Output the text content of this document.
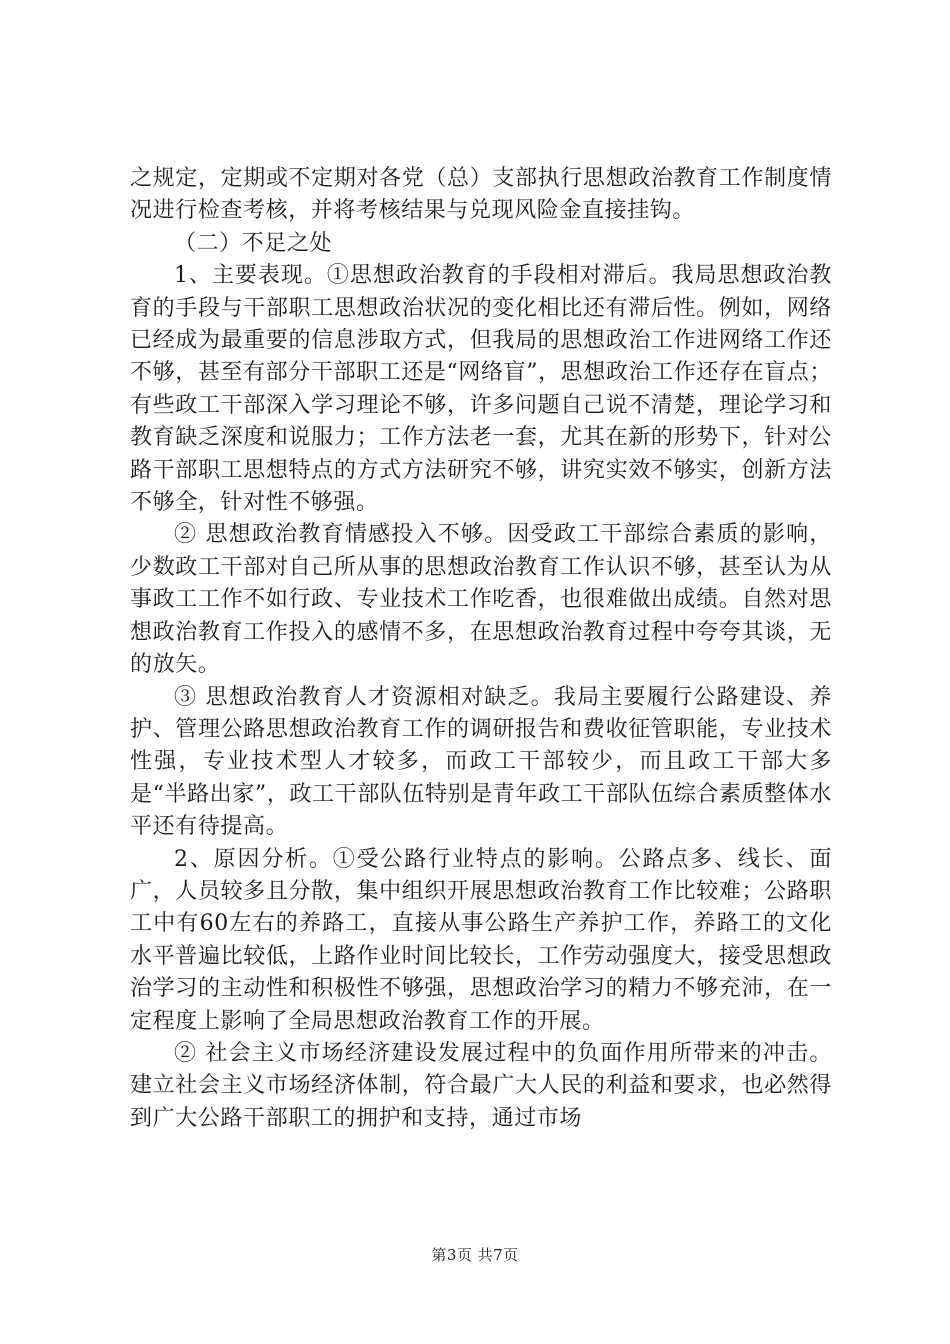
之规定，定期或不定期对各党（总）支部执行思想政治教育工作制度情况进行检查考核，并将考核结果与兑现风险金直接挂钩。

（二）不足之处

1、主要表现。①思想政治教育的手段相对滞后。我局思想政治教育的手段与干部职工思想政治状况的变化相比还有滞后性。例如，网络已经成为最重要的信息涉取方式，但我局的思想政治工作进网络工作还不够，甚至有部分干部职工还是“网络盲”，思想政治工作还存在盲点；有些政工干部深入学习理论不够，许多问题自己说不清楚，理论学习和教育缺乏深度和说服力；工作方法老一套，尤其在新的形势下，针对公路干部职工思想特点的方式方法研究不够，讲究实效不够实，创新方法不够全，针对性不够强。

② 思想政治教育情感投入不够。因受政工干部综合素质的影响，少数政工干部对自己所从事的思想政治教育工作认识不够，甚至认为从事政工工作不如行政、专业技术工作吃香，也很难做出成绩。自然对思想政治教育工作投入的感情不多，在思想政治教育过程中夸夸其谈，无的放矢。

③ 思想政治教育人才资源相对缺乏。我局主要履行公路建设、养护、管理公路思想政治教育工作的调研报告和费收征管职能，专业技术性强，专业技术型人才较多，而政工干部较少，而且政工干部大多是“半路出家”，政工干部队伍特别是青年政工干部队伍综合素质整体水平还有待提高。

2、原因分析。①受公路行业特点的影响。公路点多、线长、面广，人员较多且分散，集中组织开展思想政治教育工作比较难；公路职工中有60左右的养路工，直接从事公路生产养护工作，养路工的文化水平普遍比较低，上路作业时间比较长，工作劳动强度大，接受思想政治学习的主动性和积极性不够强，思想政治学习的精力不够充沛，在一定程度上影响了全局思想政治教育工作的开展。

② 社会主义市场经济建设发展过程中的负面作用所带来的冲击。建立社会主义市场经济体制，符合最广大人民的利益和要求，也必然得到广大公路干部职工的拥护和支持，通过市场

第3页 共7页
